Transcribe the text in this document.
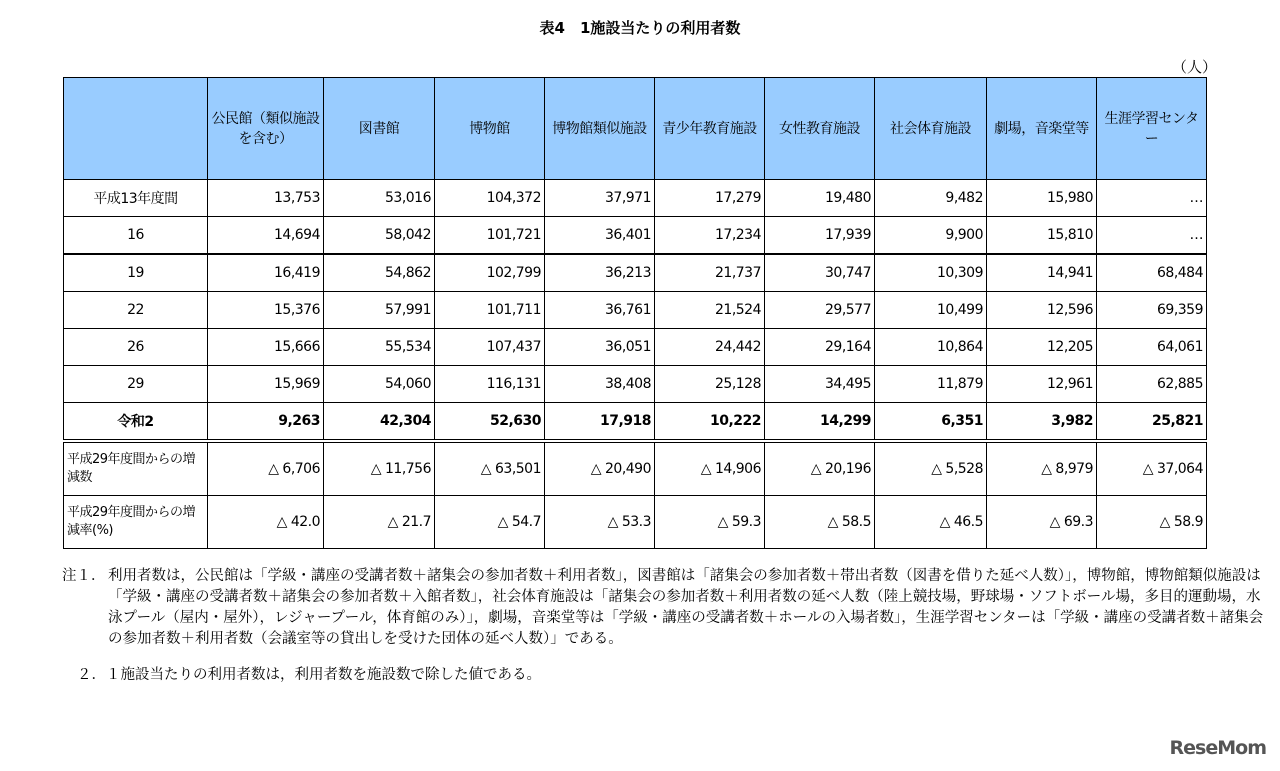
表4　1施設当たりの利用者数
（人）
	公民館（類似施設を含む）	図書館	博物館	博物館類似施設	青少年教育施設	女性教育施設	社会体育施設	劇場，音楽堂等	生涯学習センター
平成13年度間	13,753	53,016	104,372	37,971	17,279	19,480	9,482	15,980	…
16	14,694	58,042	101,721	36,401	17,234	17,939	9,900	15,810	…
19	16,419	54,862	102,799	36,213	21,737	30,747	10,309	14,941	68,484
22	15,376	57,991	101,711	36,761	21,524	29,577	10,499	12,596	69,359
26	15,666	55,534	107,437	36,051	24,442	29,164	10,864	12,205	64,061
29	15,969	54,060	116,131	38,408	25,128	34,495	11,879	12,961	62,885
令和2	9,263	42,304	52,630	17,918	10,222	14,299	6,351	3,982	25,821
平成29年度間からの増減数	△ 6,706	△ 11,756	△ 63,501	△ 20,490	△ 14,906	△ 20,196	△ 5,528	△ 8,979	△ 37,064
平成29年度間からの増減率(%)	△ 42.0	△ 21.7	△ 54.7	△ 53.3	△ 59.3	△ 58.5	△ 46.5	△ 69.3	△ 58.9
注１． 利用者数は，公民館は「学級・講座の受講者数＋諸集会の参加者数＋利用者数」，図書館は「諸集会の参加者数＋帯出者数（図書を借りた延べ人数）」，博物館，博物館類似施設は「学級・講座の受講者数＋諸集会の参加者数＋入館者数」，社会体育施設は「諸集会の参加者数＋利用者数の延べ人数（陸上競技場，野球場・ソフトボール場，多目的運動場，水泳プール（屋内・屋外），レジャープール，体育館のみ）」，劇場，音楽堂等は「学級・講座の受講者数＋ホールの入場者数」，生涯学習センターは「学級・講座の受講者数＋諸集会の参加者数＋利用者数（会議室等の貸出しを受けた団体の延べ人数）」である。
２．１施設当たりの利用者数は，利用者数を施設数で除した値である。
ReseMom
